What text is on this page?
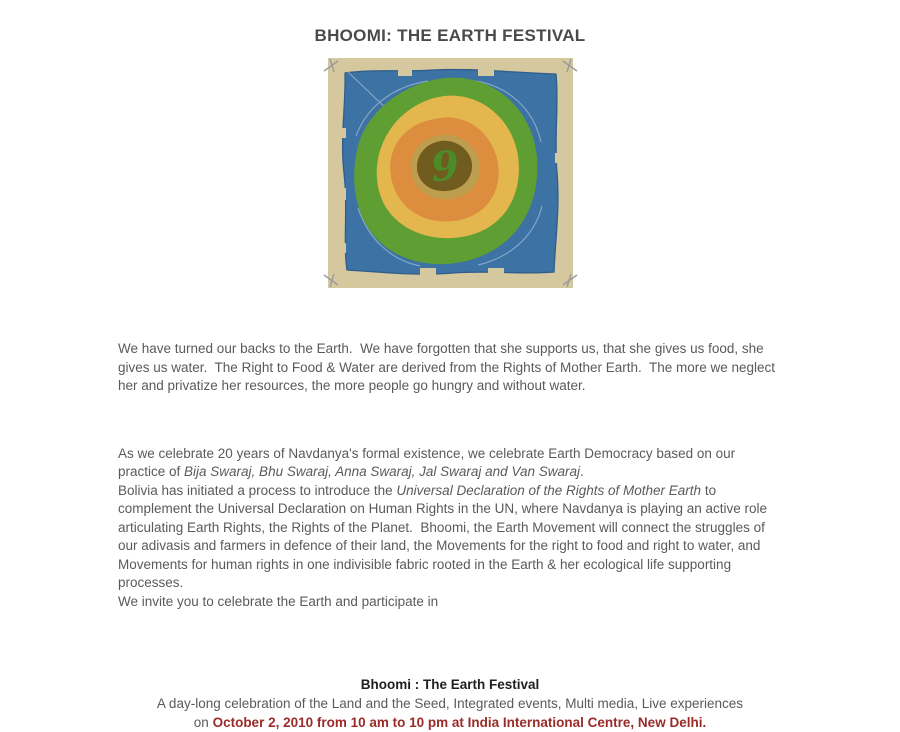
BHOOMI: THE EARTH FESTIVAL
9

We have turned our backs to the Earth.  We have forgotten that she supports us, that she gives us food, she gives us water.  The Right to Food & Water are derived from the Rights of Mother Earth.  The more we neglect her and privatize her resources, the more people go hungry and without water.

As we celebrate 20 years of Navdanya's formal existence, we celebrate Earth Democracy based on our practice of Bija Swaraj, Bhu Swaraj, Anna Swaraj, Jal Swaraj and Van Swaraj.
Bolivia has initiated a process to introduce the Universal Declaration of the Rights of Mother Earth to complement the Universal Declaration on Human Rights in the UN, where Navdanya is playing an active role articulating Earth Rights, the Rights of the Planet.  Bhoomi, the Earth Movement will connect the struggles of our adivasis and farmers in defence of their land, the Movements for the right to food and right to water, and Movements for human rights in one indivisible fabric rooted in the Earth & her ecological life supporting processes.
We invite you to celebrate the Earth and participate in

Bhoomi : The Earth Festival
A day-long celebration of the Land and the Seed, Integrated events, Multi media, Live experiences
on October 2, 2010 from 10 am to 10 pm at India International Centre, New Delhi.
